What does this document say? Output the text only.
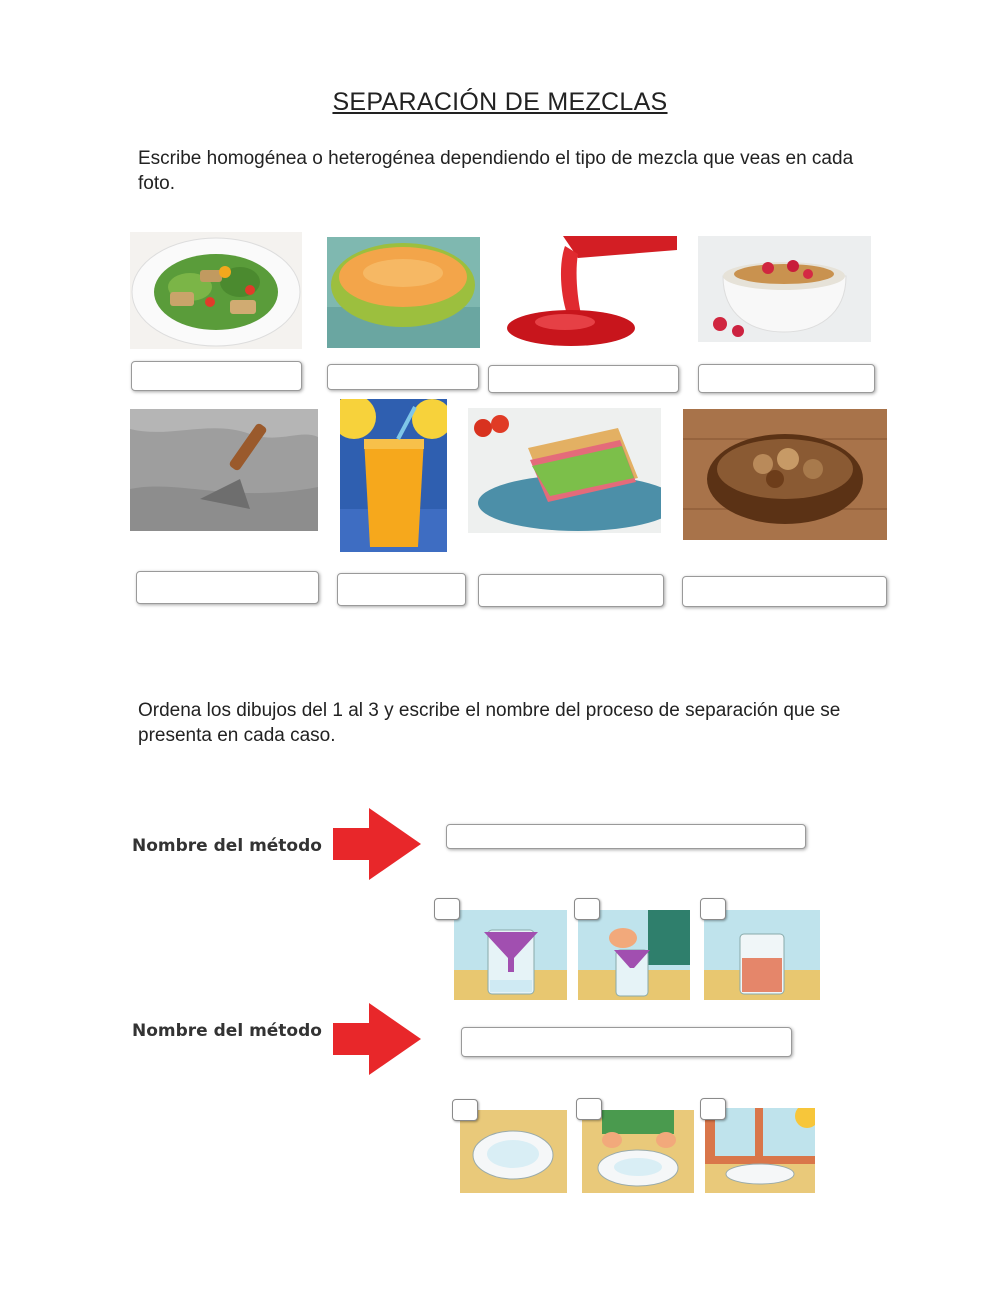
SEPARACIÓN DE MEZCLAS
Escribe homogénea o heterogénea dependiendo el tipo de mezcla que veas en cada foto.
Ordena los dibujos del 1 al 3 y escribe el nombre del proceso de separación que se presenta en cada caso.
Nombre del método
Nombre del método
